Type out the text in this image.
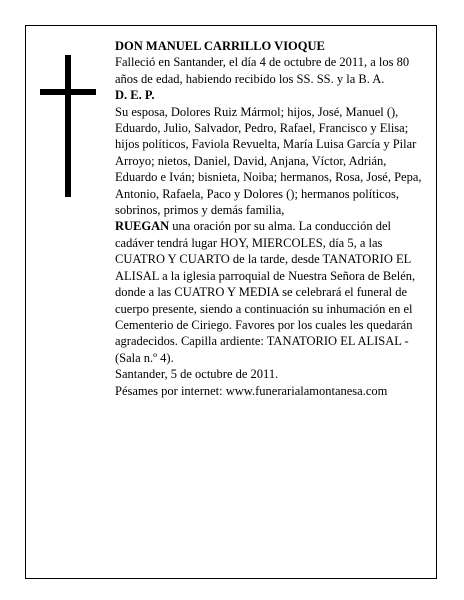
DON MANUEL CARRILLO VIOQUE

Falleció en Santander, el día 4 de octubre de 2011, a los 80 años de edad, habiendo recibido los SS. SS. y la B. A.

D. E. P.

Su esposa, Dolores Ruiz Mármol; hijos, José, Manuel (), Eduardo, Julio, Salvador, Pedro, Rafael, Francisco y Elisa; hijos políticos, Faviola Revuelta, María Luisa García y Pilar Arroyo; nietos, Daniel, David, Anjana, Víctor, Adrián, Eduardo e Iván; bisnieta, Noiba; hermanos, Rosa, José, Pepa, Antonio, Rafaela, Paco y Dolores (); hermanos políticos, sobrinos, primos y demás familia,

RUEGAN una oración por su alma. La conducción del cadáver tendrá lugar HOY, MIERCOLES, día 5, a las CUATRO Y CUARTO de la tarde, desde TANATORIO EL ALISAL a la iglesia parroquial de Nuestra Señora de Belén, donde a las CUATRO Y MEDIA se celebrará el funeral de cuerpo presente, siendo a continuación su inhumación en el Cementerio de Ciriego. Favores por los cuales les quedarán agradecidos. Capilla ardiente: TANATORIO EL ALISAL - (Sala n.º 4).

Santander, 5 de octubre de 2011.

Pésames por internet: www.funerarialamontanesa.com
